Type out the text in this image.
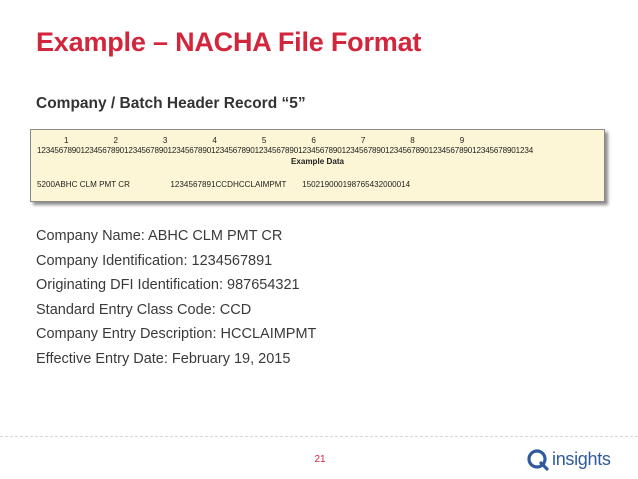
Example – NACHA File Format
Company / Batch Header Record “5”
1                    2                    3                    4                    5                    6                    7                    8                    9
123456789012345678901234567890123456789012345678901234567890123456789012345678901234567890123456789012345678901234
Example Data
5200ABHC CLM PMT CR                  1234567891CCDHCCLAIMPMT       150219000198765432000014
Company Name: ABHC CLM PMT CR
Company Identification: 1234567891
Originating DFI Identification: 987654321
Standard Entry Class Code: CCD
Company Entry Description: HCCLAIMPMT
Effective Entry Date: February 19, 2015
21	insights
